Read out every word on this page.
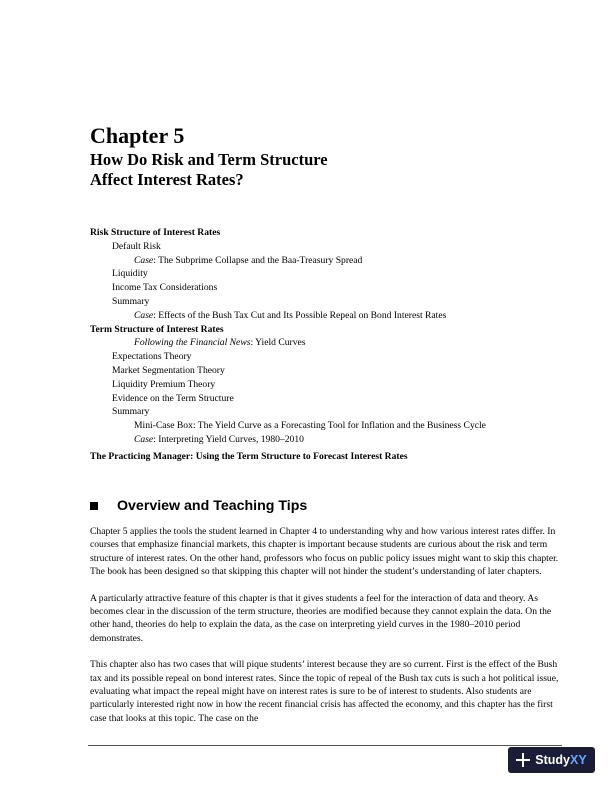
Chapter 5
How Do Risk and Term Structure
Affect Interest Rates?
Risk Structure of Interest Rates
Default Risk
Case: The Subprime Collapse and the Baa-Treasury Spread
Liquidity
Income Tax Considerations
Summary
Case: Effects of the Bush Tax Cut and Its Possible Repeal on Bond Interest Rates
Term Structure of Interest Rates
Following the Financial News: Yield Curves
Expectations Theory
Market Segmentation Theory
Liquidity Premium Theory
Evidence on the Term Structure
Summary
Mini-Case Box: The Yield Curve as a Forecasting Tool for Inflation and the Business Cycle
Case: Interpreting Yield Curves, 1980–2010
The Practicing Manager: Using the Term Structure to Forecast Interest Rates
Overview and Teaching Tips

Chapter 5 applies the tools the student learned in Chapter 4 to understanding why and how various interest rates differ. In courses that emphasize financial markets, this chapter is important because students are curious about the risk and term structure of interest rates. On the other hand, professors who focus on public policy issues might want to skip this chapter. The book has been designed so that skipping this chapter will not hinder the student’s understanding of later chapters.

A particularly attractive feature of this chapter is that it gives students a feel for the interaction of data and theory. As becomes clear in the discussion of the term structure, theories are modified because they cannot explain the data. On the other hand, theories do help to explain the data, as the case on interpreting yield curves in the 1980–2010 period demonstrates.

This chapter also has two cases that will pique students’ interest because they are so current. First is the effect of the Bush tax and its possible repeal on bond interest rates. Since the topic of repeal of the Bush tax cuts is such a hot political issue, evaluating what impact the repeal might have on interest rates is sure to be of interest to students. Also students are particularly interested right now in how the recent financial crisis has affected the economy, and this chapter has the first case that looks at this topic. The case on the

StudyXY
